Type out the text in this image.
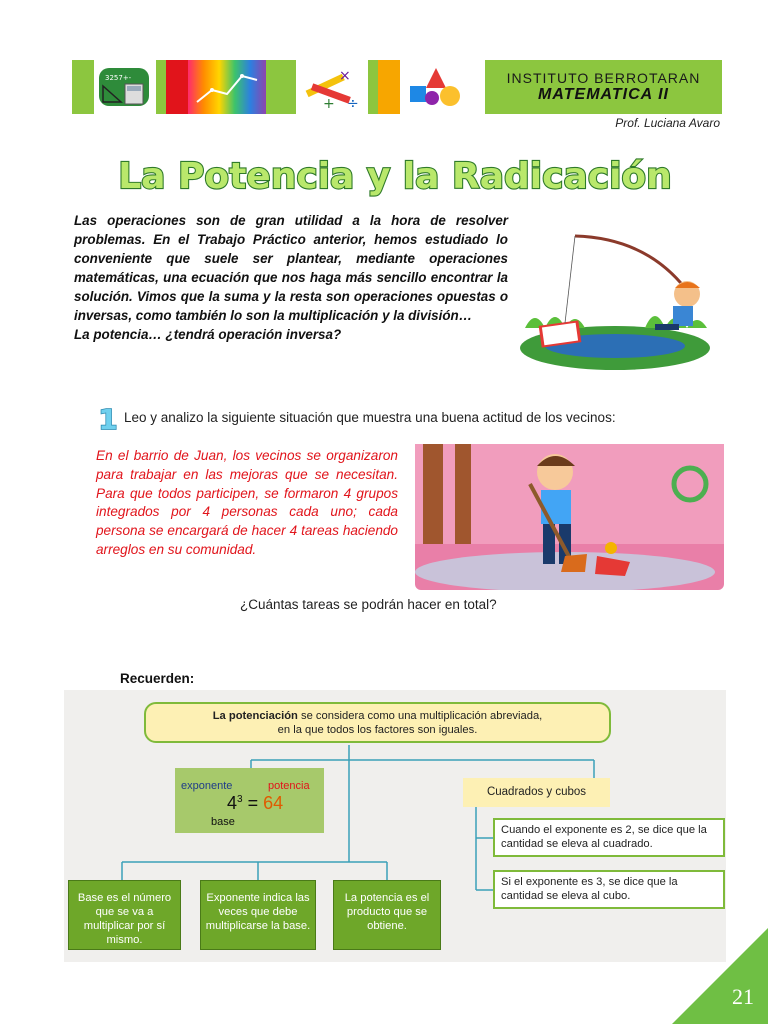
3257+-	×
+ ÷
INSTITUTO BERROTARAN
MATEMATICA II
Prof. Luciana Avaro
La Potencia y la Radicación

Las operaciones son de gran utilidad a la hora de resolver problemas. En el Trabajo Práctico anterior, hemos estudiado lo conveniente que suele ser plantear, mediante operaciones matemáticas, una ecuación que nos haga más sencillo encontrar la solución. Vimos que la suma y la resta son operaciones opuestas o inversas, como también lo son la multiplicación y la división…

La potencia… ¿tendrá operación inversa?

1 Leo y analizo la siguiente situación que muestra una buena actitud de los vecinos:

En el barrio de Juan, los vecinos se organizaron para trabajar en las mejoras que se necesitan. Para que todos participen, se formaron 4 grupos integrados por 4 personas cada uno; cada persona se encargará de hacer 4 tareas haciendo arreglos en su comunidad.

¿Cuántas tareas se podrán hacer en total?
Recuerden:
La potenciación se considera como una multiplicación abreviada,
en la que todos los factores son iguales.
exponente	potencia
$4^3 = 64$
base
Cuadrados y cubos
Cuando el exponente es 2, se dice que la cantidad se eleva al cuadrado.
Si el exponente es 3, se dice que la cantidad se eleva al cubo.
Base es el número que se va a multiplicar por sí mismo.
Exponente indica las veces que debe multiplicarse la base.
La potencia es el producto que se obtiene.
21
